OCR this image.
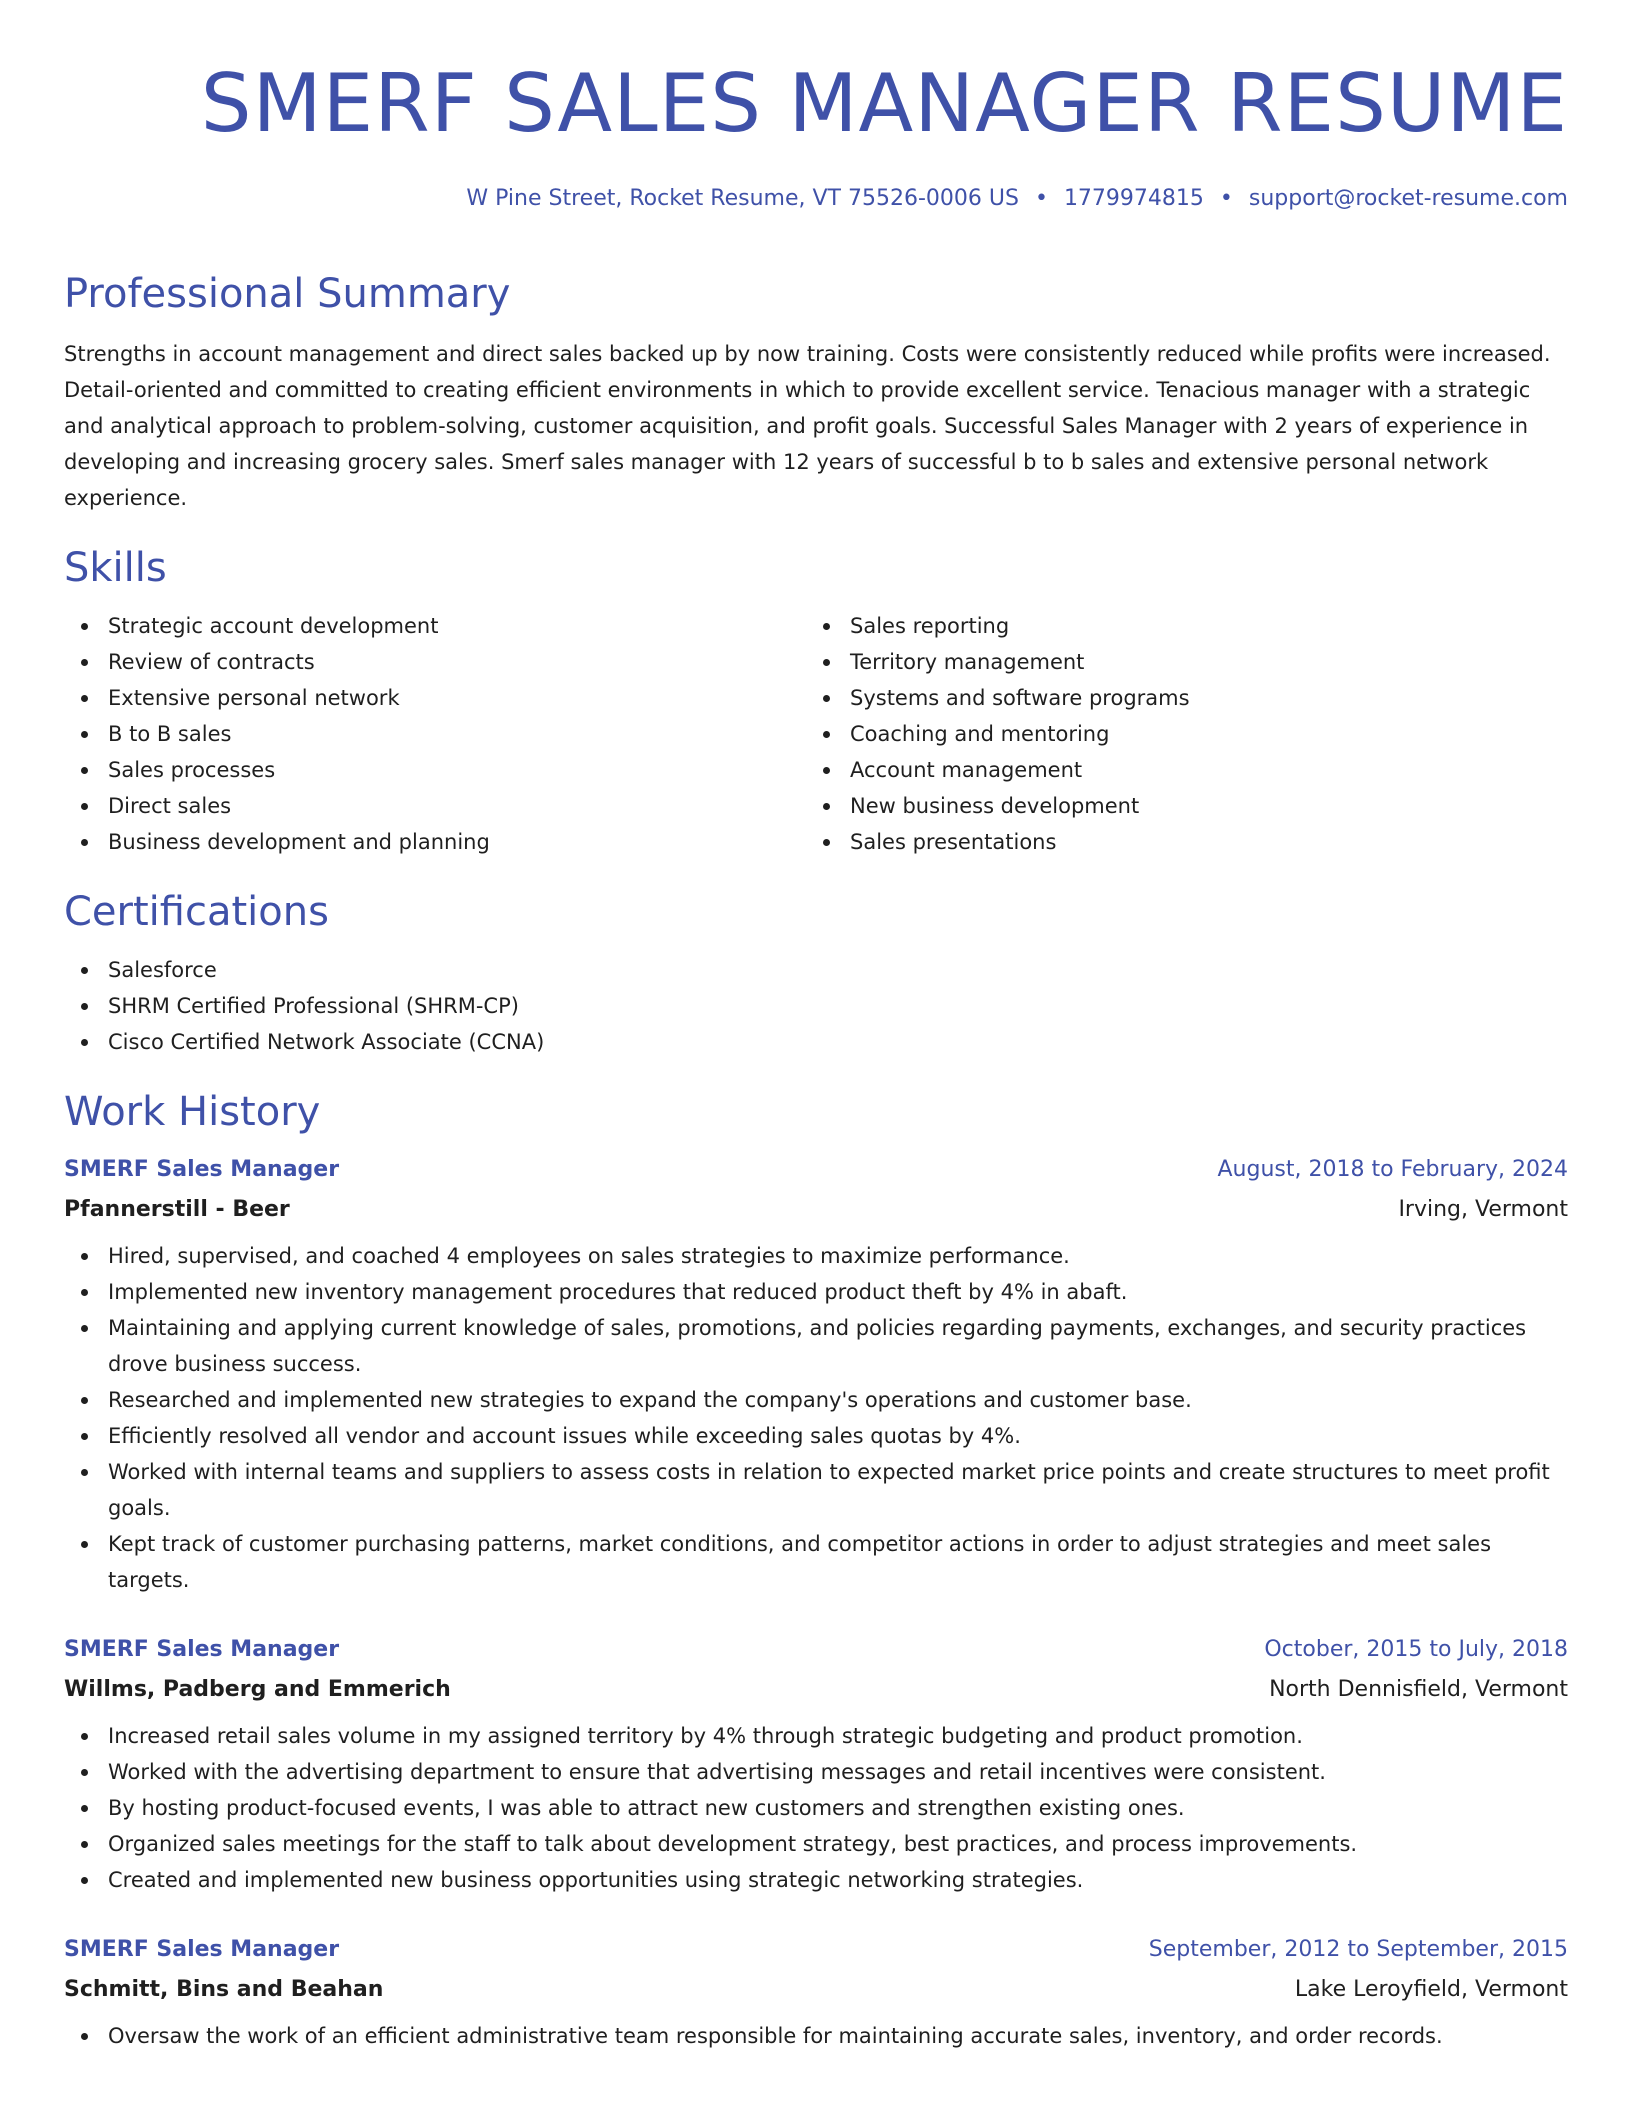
SMERF SALES MANAGER RESUME
W Pine Street, Rocket Resume, VT 75526-0006 US • 1779974815 • support@rocket-resume.com
Professional Summary

Strengths in account management and direct sales backed up by now training. Costs were consistently reduced while profits were increased. Detail-oriented and committed to creating efficient environments in which to provide excellent service. Tenacious manager with a strategic and analytical approach to problem-solving, customer acquisition, and profit goals. Successful Sales Manager with 2 years of experience in developing and increasing grocery sales. Smerf sales manager with 12 years of successful b to b sales and extensive personal network experience.

Skills
Strategic account development
Review of contracts
Extensive personal network
B to B sales
Sales processes
Direct sales
Business development and planning
Sales reporting
Territory management
Systems and software programs
Coaching and mentoring
Account management
New business development
Sales presentations
Certifications
Salesforce
SHRM Certified Professional (SHRM-CP)
Cisco Certified Network Associate (CCNA)
Work History
SMERF Sales Manager	August, 2018 to February, 2024
Pfannerstill - Beer	Irving, Vermont
Hired, supervised, and coached 4 employees on sales strategies to maximize performance.
Implemented new inventory management procedures that reduced product theft by 4% in abaft.
Maintaining and applying current knowledge of sales, promotions, and policies regarding payments, exchanges, and security practices drove business success.
Researched and implemented new strategies to expand the company's operations and customer base.
Efficiently resolved all vendor and account issues while exceeding sales quotas by 4%.
Worked with internal teams and suppliers to assess costs in relation to expected market price points and create structures to meet profit goals.
Kept track of customer purchasing patterns, market conditions, and competitor actions in order to adjust strategies and meet sales targets.
SMERF Sales Manager	October, 2015 to July, 2018
Willms, Padberg and Emmerich	North Dennisfield, Vermont
Increased retail sales volume in my assigned territory by 4% through strategic budgeting and product promotion.
Worked with the advertising department to ensure that advertising messages and retail incentives were consistent.
By hosting product-focused events, I was able to attract new customers and strengthen existing ones.
Organized sales meetings for the staff to talk about development strategy, best practices, and process improvements.
Created and implemented new business opportunities using strategic networking strategies.
SMERF Sales Manager	September, 2012 to September, 2015
Schmitt, Bins and Beahan	Lake Leroyfield, Vermont
Oversaw the work of an efficient administrative team responsible for maintaining accurate sales, inventory, and order records.
